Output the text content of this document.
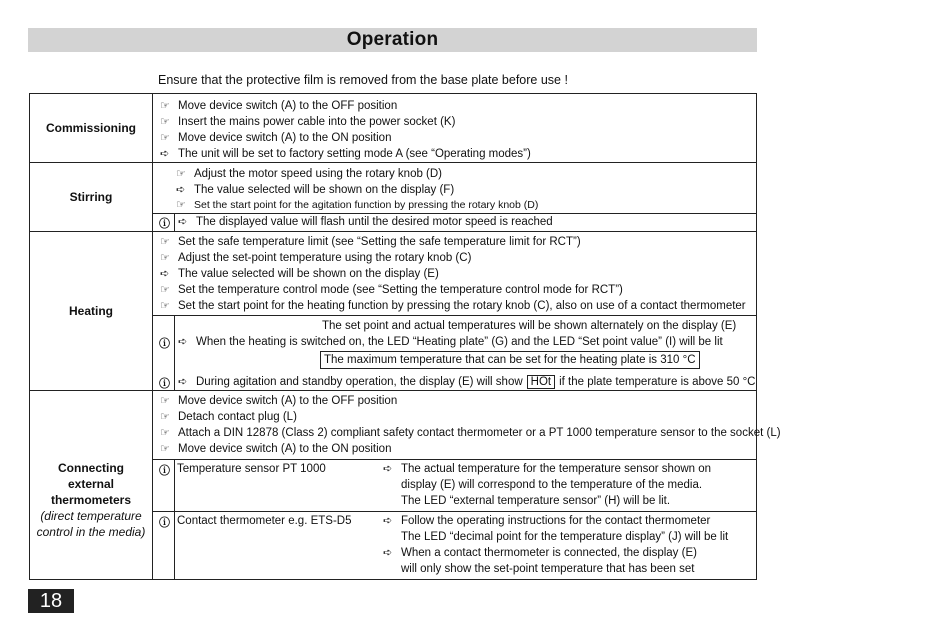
Operation
Ensure that the protective film is removed from the base plate before use !
Commissioning
☞ Move device switch (A) to the OFF position
☞ Insert the mains power cable into the power socket (K)
☞ Move device switch (A) to the ON position
➪ The unit will be set to factory setting mode A (see “Operating modes”)
Stirring
☞ Adjust the motor speed using the rotary knob (D)
➪ The value selected will be shown on the display (F)
☞ Set the start point for the agitation function by pressing the rotary knob (D)
ⓘ ➪ The displayed value will flash until the desired motor speed is reached
Heating
☞ Set the safe temperature limit (see “Setting the safe temperature limit for RCT”)
☞ Adjust the set-point temperature using the rotary knob (C)
➪ The value selected will be shown on the display (E)
☞ Set the temperature control mode (see “Setting the temperature control mode for RCT”)
☞ Set the start point for the heating function by pressing the rotary knob (C), also on use of a contact thermometer
The set point and actual temperatures will be shown alternately on the display (E)
ⓘ ➪ When the heating is switched on, the LED “Heating plate” (G) and the LED “Set point value” (I) will be lit
The maximum temperature that can be set for the heating plate is 310 °C
ⓘ ➪ During agitation and standby operation, the display (E) will show HOt if the plate temperature is above 50 °C
Connecting
external
thermometers
(direct temperature
control in the media)
☞ Move device switch (A) to the OFF position
☞ Detach contact plug (L)
☞ Attach a DIN 12878 (Class 2) compliant safety contact thermometer or a PT 1000 temperature sensor to the socket (L)
☞ Move device switch (A) to the ON position
ⓘ Temperature sensor PT 1000	➪ The actual temperature for the temperature sensor shown on
display (E) will correspond to the temperature of the media.
The LED “external temperature sensor” (H) will be lit.
ⓘ Contact thermometer e.g. ETS-D5	➪ Follow the operating instructions for the contact thermometer
The LED “decimal point for the temperature display” (J) will be lit
➪ When a contact thermometer is connected, the display (E)
will only show the set-point temperature that has been set
18
